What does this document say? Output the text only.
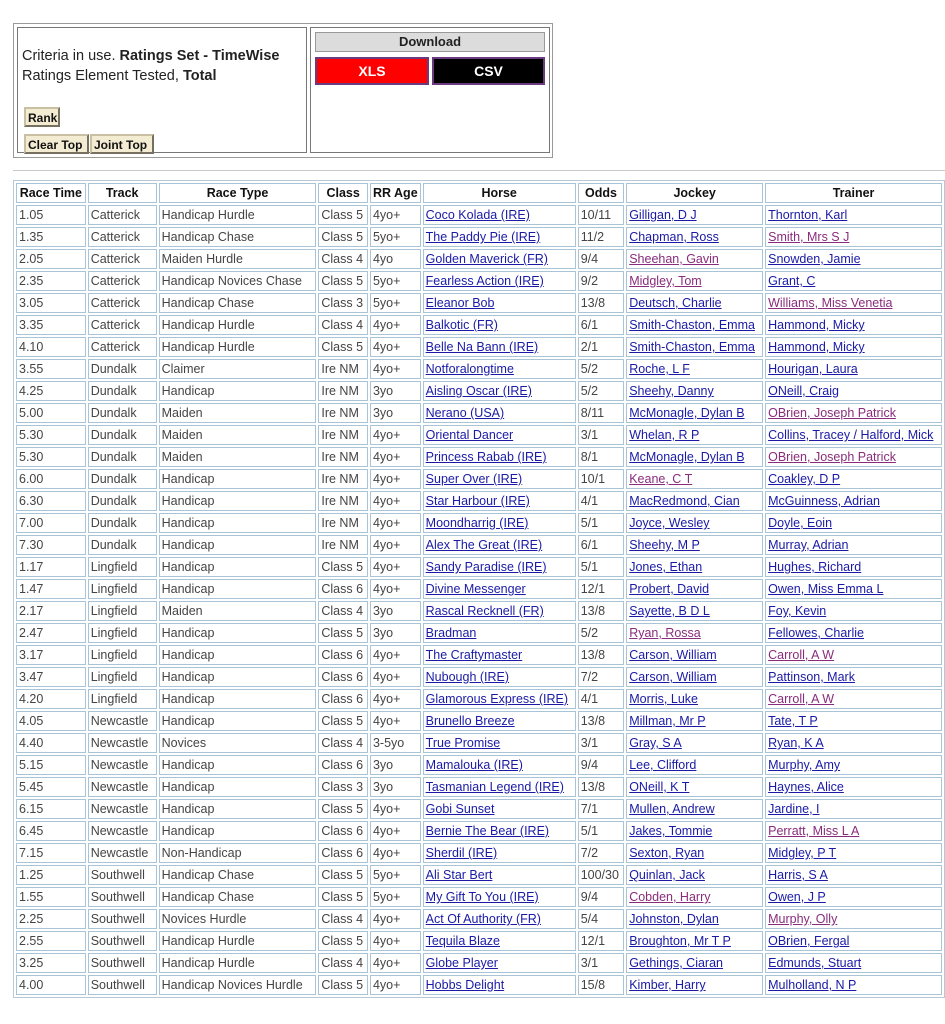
Criteria in use. Ratings Set - TimeWise
Ratings Element Tested, Total
Rank
Clear Top Joint Top
Download
XLS	CSV
Race Time	Track	Race Type	Class	RR Age	Horse	Odds	Jockey	Trainer
1.05	Catterick	Handicap Hurdle	Class 5	4yo+	Coco Kolada (IRE)	10/11	Gilligan, D J	Thornton, Karl
1.35	Catterick	Handicap Chase	Class 5	5yo+	The Paddy Pie (IRE)	11/2	Chapman, Ross	Smith, Mrs S J
2.05	Catterick	Maiden Hurdle	Class 4	4yo	Golden Maverick (FR)	9/4	Sheehan, Gavin	Snowden, Jamie
2.35	Catterick	Handicap Novices Chase	Class 5	5yo+	Fearless Action (IRE)	9/2	Midgley, Tom	Grant, C
3.05	Catterick	Handicap Chase	Class 3	5yo+	Eleanor Bob	13/8	Deutsch, Charlie	Williams, Miss Venetia
3.35	Catterick	Handicap Hurdle	Class 4	4yo+	Balkotic (FR)	6/1	Smith-Chaston, Emma	Hammond, Micky
4.10	Catterick	Handicap Hurdle	Class 5	4yo+	Belle Na Bann (IRE)	2/1	Smith-Chaston, Emma	Hammond, Micky
3.55	Dundalk	Claimer	Ire NM	4yo+	Notforalongtime	5/2	Roche, L F	Hourigan, Laura
4.25	Dundalk	Handicap	Ire NM	3yo	Aisling Oscar (IRE)	5/2	Sheehy, Danny	ONeill, Craig
5.00	Dundalk	Maiden	Ire NM	3yo	Nerano (USA)	8/11	McMonagle, Dylan B	OBrien, Joseph Patrick
5.30	Dundalk	Maiden	Ire NM	4yo+	Oriental Dancer	3/1	Whelan, R P	Collins, Tracey / Halford, Mick
5.30	Dundalk	Maiden	Ire NM	4yo+	Princess Rabab (IRE)	8/1	McMonagle, Dylan B	OBrien, Joseph Patrick
6.00	Dundalk	Handicap	Ire NM	4yo+	Super Over (IRE)	10/1	Keane, C T	Coakley, D P
6.30	Dundalk	Handicap	Ire NM	4yo+	Star Harbour (IRE)	4/1	MacRedmond, Cian	McGuinness, Adrian
7.00	Dundalk	Handicap	Ire NM	4yo+	Moondharrig (IRE)	5/1	Joyce, Wesley	Doyle, Eoin
7.30	Dundalk	Handicap	Ire NM	4yo+	Alex The Great (IRE)	6/1	Sheehy, M P	Murray, Adrian
1.17	Lingfield	Handicap	Class 5	4yo+	Sandy Paradise (IRE)	5/1	Jones, Ethan	Hughes, Richard
1.47	Lingfield	Handicap	Class 6	4yo+	Divine Messenger	12/1	Probert, David	Owen, Miss Emma L
2.17	Lingfield	Maiden	Class 4	3yo	Rascal Recknell (FR)	13/8	Sayette, B D L	Foy, Kevin
2.47	Lingfield	Handicap	Class 5	3yo	Bradman	5/2	Ryan, Rossa	Fellowes, Charlie
3.17	Lingfield	Handicap	Class 6	4yo+	The Craftymaster	13/8	Carson, William	Carroll, A W
3.47	Lingfield	Handicap	Class 6	4yo+	Nubough (IRE)	7/2	Carson, William	Pattinson, Mark
4.20	Lingfield	Handicap	Class 6	4yo+	Glamorous Express (IRE)	4/1	Morris, Luke	Carroll, A W
4.05	Newcastle	Handicap	Class 5	4yo+	Brunello Breeze	13/8	Millman, Mr P	Tate, T P
4.40	Newcastle	Novices	Class 4	3-5yo	True Promise	3/1	Gray, S A	Ryan, K A
5.15	Newcastle	Handicap	Class 6	3yo	Mamalouka (IRE)	9/4	Lee, Clifford	Murphy, Amy
5.45	Newcastle	Handicap	Class 3	3yo	Tasmanian Legend (IRE)	13/8	ONeill, K T	Haynes, Alice
6.15	Newcastle	Handicap	Class 5	4yo+	Gobi Sunset	7/1	Mullen, Andrew	Jardine, I
6.45	Newcastle	Handicap	Class 6	4yo+	Bernie The Bear (IRE)	5/1	Jakes, Tommie	Perratt, Miss L A
7.15	Newcastle	Non-Handicap	Class 6	4yo+	Sherdil (IRE)	7/2	Sexton, Ryan	Midgley, P T
1.25	Southwell	Handicap Chase	Class 5	5yo+	Ali Star Bert	100/30	Quinlan, Jack	Harris, S A
1.55	Southwell	Handicap Chase	Class 5	5yo+	My Gift To You (IRE)	9/4	Cobden, Harry	Owen, J P
2.25	Southwell	Novices Hurdle	Class 4	4yo+	Act Of Authority (FR)	5/4	Johnston, Dylan	Murphy, Olly
2.55	Southwell	Handicap Hurdle	Class 5	4yo+	Tequila Blaze	12/1	Broughton, Mr T P	OBrien, Fergal
3.25	Southwell	Handicap Hurdle	Class 4	4yo+	Globe Player	3/1	Gethings, Ciaran	Edmunds, Stuart
4.00	Southwell	Handicap Novices Hurdle	Class 5	4yo+	Hobbs Delight	15/8	Kimber, Harry	Mulholland, N P
